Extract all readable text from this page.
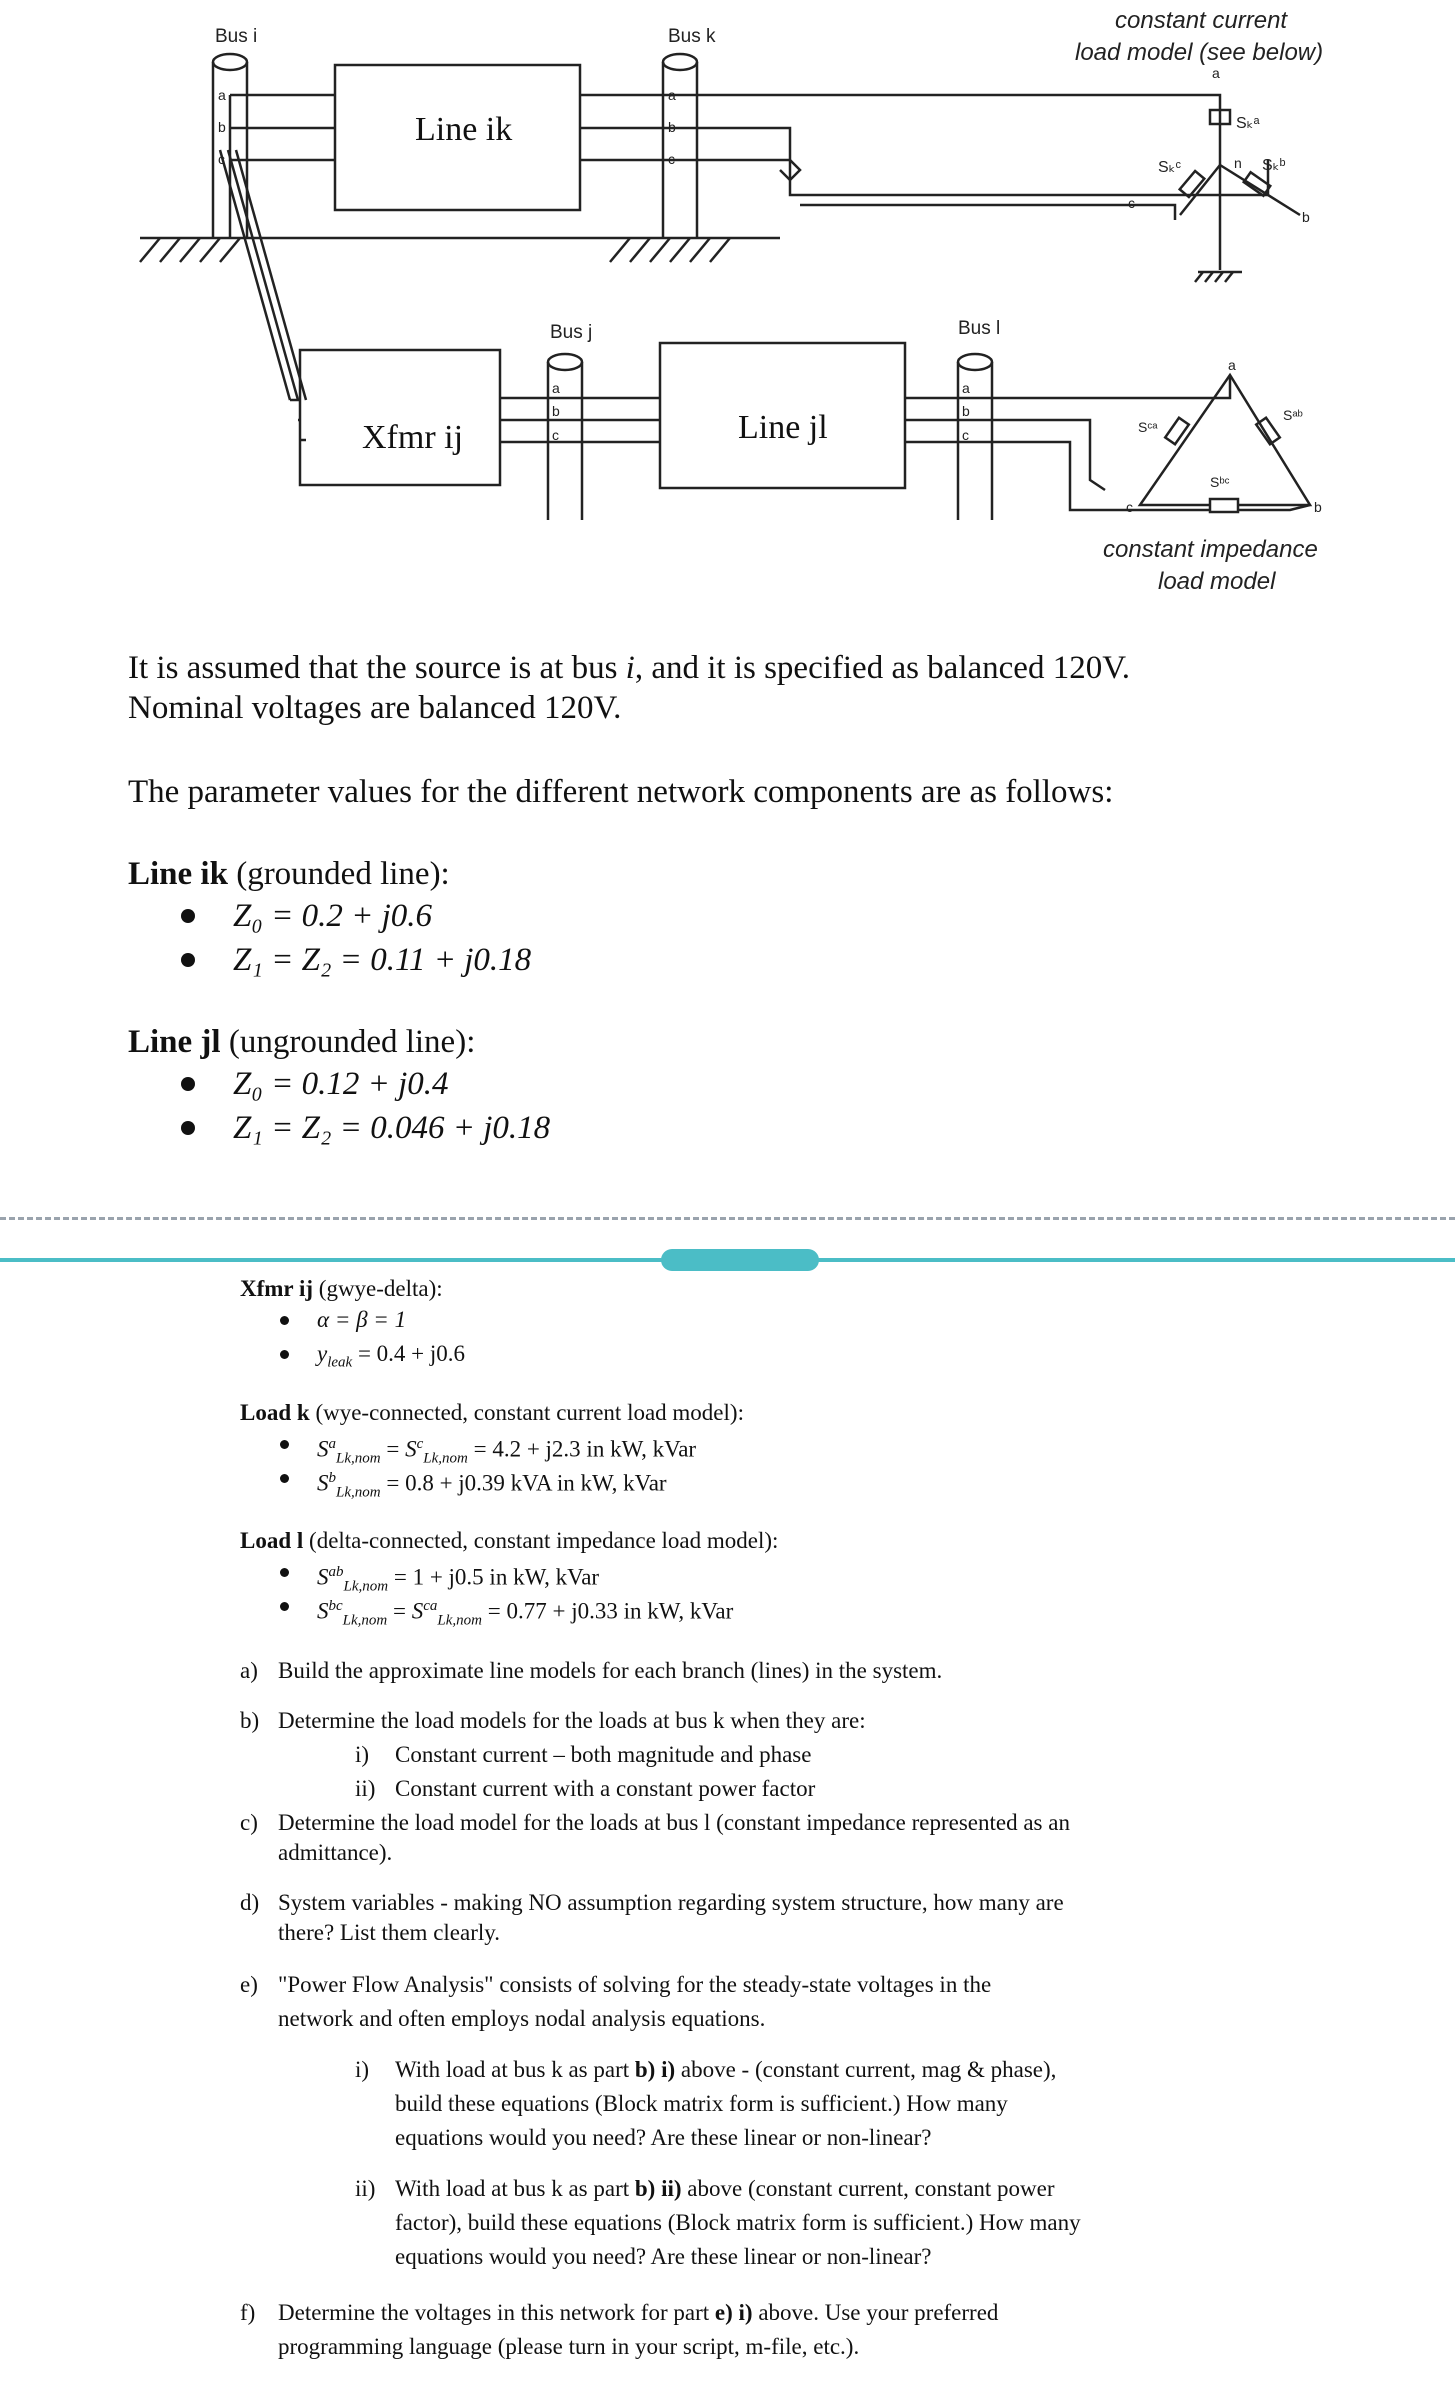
Bus i	Bus k
Bus j	Bus l
constant current
load model (see below)
constant impedance
load model
a
b
c
a
b
c
a
b
c
a
b
c
a
b
c
n
Sₖᵃ
Sₖᵇ
Sₖᶜ
a
b
c
Sᵃᵇ
Sᵇᶜ
Sᶜᵃ
Line ik
Xfmr ij	Line jl
It is assumed that the source is at bus i, and it is specified as balanced 120V.
Nominal voltages are balanced 120V.
The parameter values for the different network components are as follows:
Line ik (grounded line):
Z₀ = 0.2 + j0.6
Z₁ = Z₂ = 0.11 + j0.18
Line jl (ungrounded line):
Z₀ = 0.12 + j0.4
Z₁ = Z₂ = 0.046 + j0.18
Xfmr ij (gwye-delta):
α = β = 1
$y_{leak} = 0.4 + j0.6$
Load k (wye-connected, constant current load model):
$S^a_{Lk,nom} = S^c_{Lk,nom} = 4.2 + j2.3$ in kW, kVar
$S^b_{Lk,nom} = 0.8 + j0.39$ kVA in kW, kVar
Load l (delta-connected, constant impedance load model):
$S^{ab}_{Lk,nom} = 1 + j0.5$ in kW, kVar
$S^{bc}_{Lk,nom} = S^{ca}_{Lk,nom} = 0.77 + j0.33$ in kW, kVar
a) Build the approximate line models for each branch (lines) in the system.
b) Determine the load models for the loads at bus k when they are:
i) Constant current – both magnitude and phase
ii) Constant current with a constant power factor
c) Determine the load model for the loads at bus l (constant impedance represented as an
admittance).
d) System variables - making NO assumption regarding system structure, how many are
there? List them clearly.
e) "Power Flow Analysis" consists of solving for the steady-state voltages in the
network and often employs nodal analysis equations.
i) With load at bus k as part b) i) above - (constant current, mag & phase),
build these equations (Block matrix form is sufficient.) How many
equations would you need? Are these linear or non-linear?
ii) With load at bus k as part b) ii) above (constant current, constant power
factor), build these equations (Block matrix form is sufficient.) How many
equations would you need? Are these linear or non-linear?
f) Determine the voltages in this network for part e) i) above. Use your preferred
programming language (please turn in your script, m-file, etc.).
